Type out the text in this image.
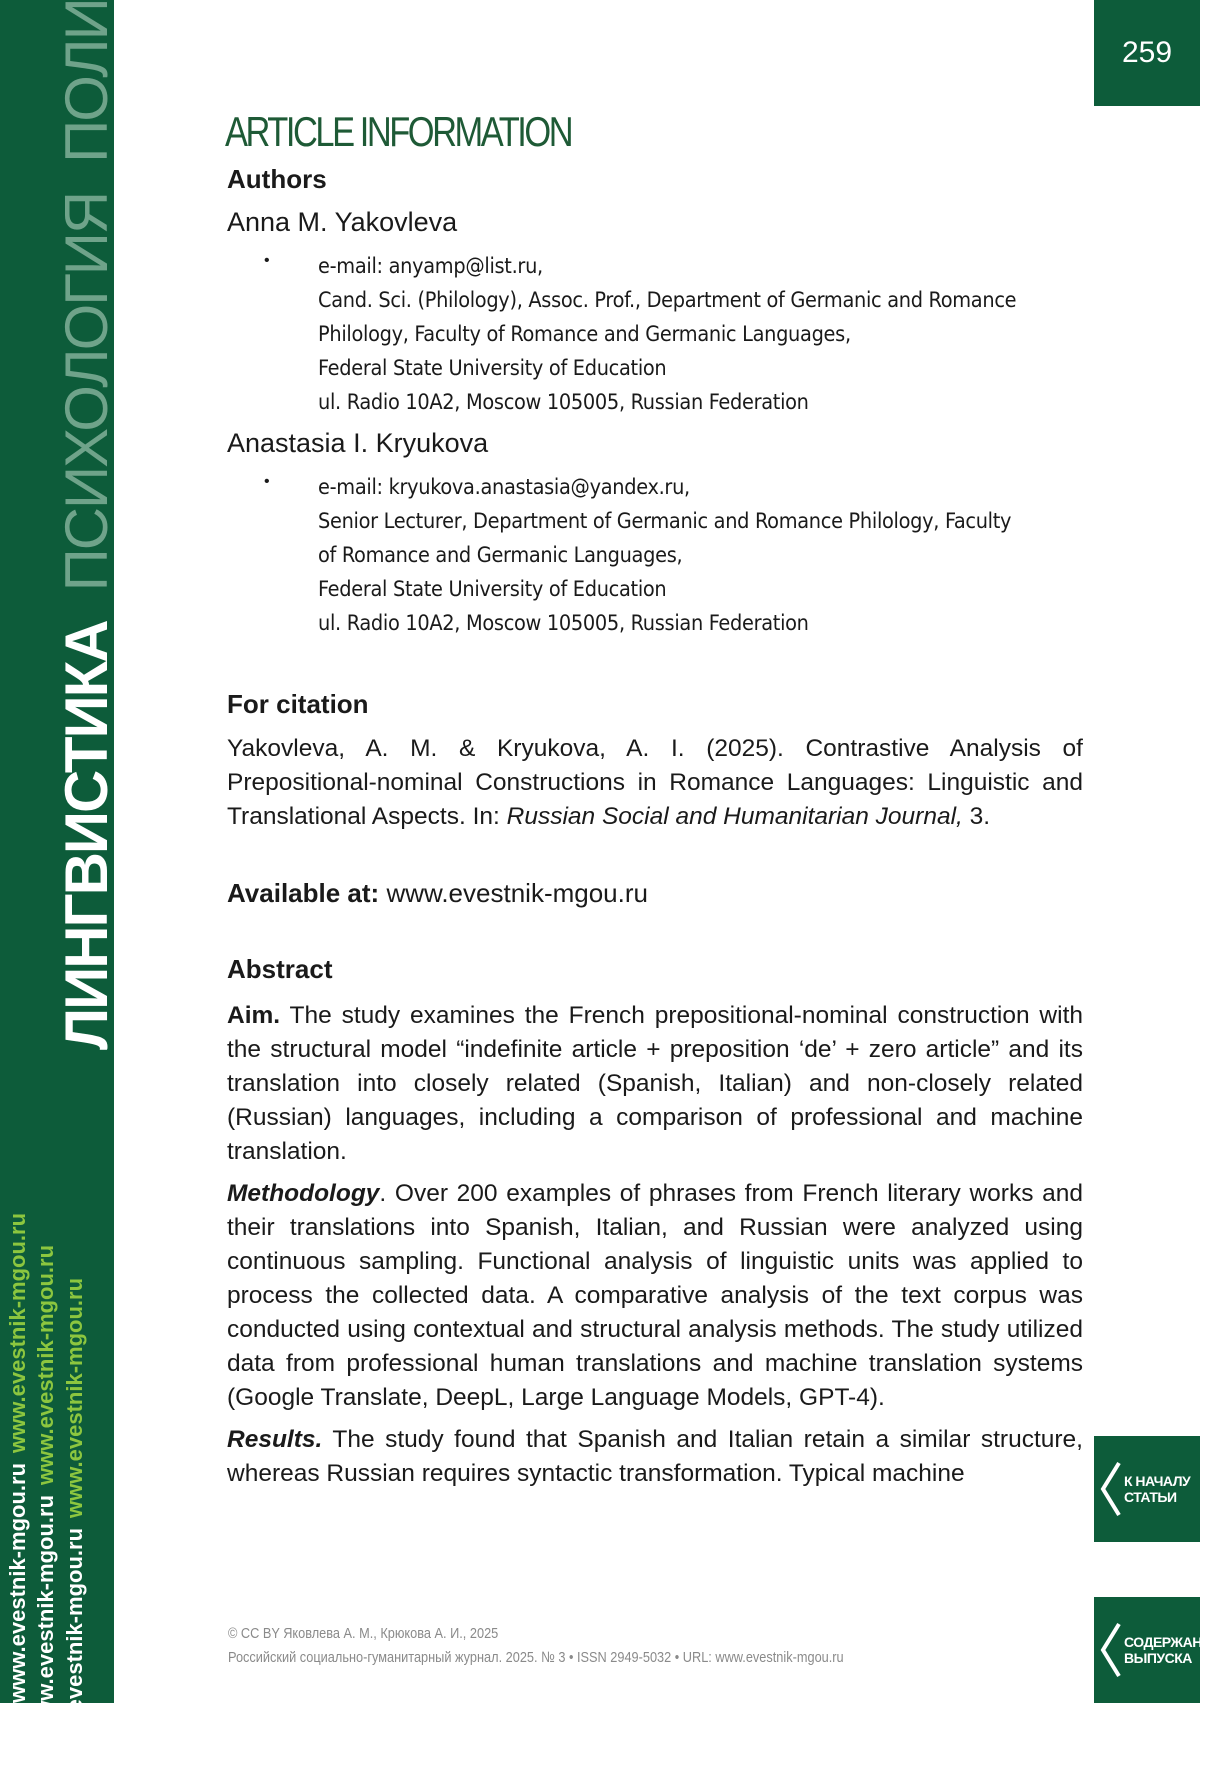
ЛИНГВИСТИКАПСИХОЛОГИЯ
www.evestnik-mgou.ruwww.evestnik-mgou.ru
www.evestnik-mgou.ruwww.evestnik-mgou.ru
www.evestnik-mgou.ruwww.evestnik-mgou.ru
259
К НАЧАЛУ
СТАТЬИ
СОДЕРЖАНИЕ
ВЫПУСКА
ARTICLE INFORMATION
Authors
Anna M. Yakovleva
•	e-mail: anyamp@list.ru,
Cand. Sci. (Philology), Assoc. Prof., Department of Germanic and Romance
Philology, Faculty of Romance and Germanic Languages,
Federal State University of Education
ul. Radio 10A2, Moscow 105005, Russian Federation
Anastasia I. Kryukova
•	e-mail: kryukova.anastasia@yandex.ru,
Senior Lecturer, Department of Germanic and Romance Philology, Faculty
of Romance and Germanic Languages,
Federal State University of Education
ul. Radio 10A2, Moscow 105005, Russian Federation
For citation

Yakovleva, A. M. & Kryukova, A. I. (2025). Contrastive Analysis of Prepositional-nominal Constructions in Romance Languages: Linguistic and Translational Aspects. In: Russian Social and Humanitarian Journal, 3.

Available at: www.evestnik-mgou.ru

Abstract

Aim. The study examines the French prepositional-nominal construction with the structural model “indefinite article + preposition ‘de’ + zero article” and its translation into closely related (Spanish, Italian) and non-closely related (Russian) languages, including a comparison of professional and machine translation.

Methodology. Over 200 examples of phrases from French literary works and their translations into Spanish, Italian, and Russian were analyzed using continuous sampling. Functional analysis of linguistic units was applied to process the collected data. A comparative analysis of the text corpus was conducted using contextual and structural analysis methods. The study utilized data from professional human translations and machine translation systems (Google Translate, DeepL, Large Language Models, GPT-4).

Results. The study found that Spanish and Italian retain a similar structure, whereas Russian requires syntactic transformation. Typical machine

© CC BY Яковлева А. М., Крюкова А. И., 2025
Российский социально-гуманитарный журнал. 2025. № 3 • ISSN 2949-5032 • URL: www.evestnik-mgou.ru
